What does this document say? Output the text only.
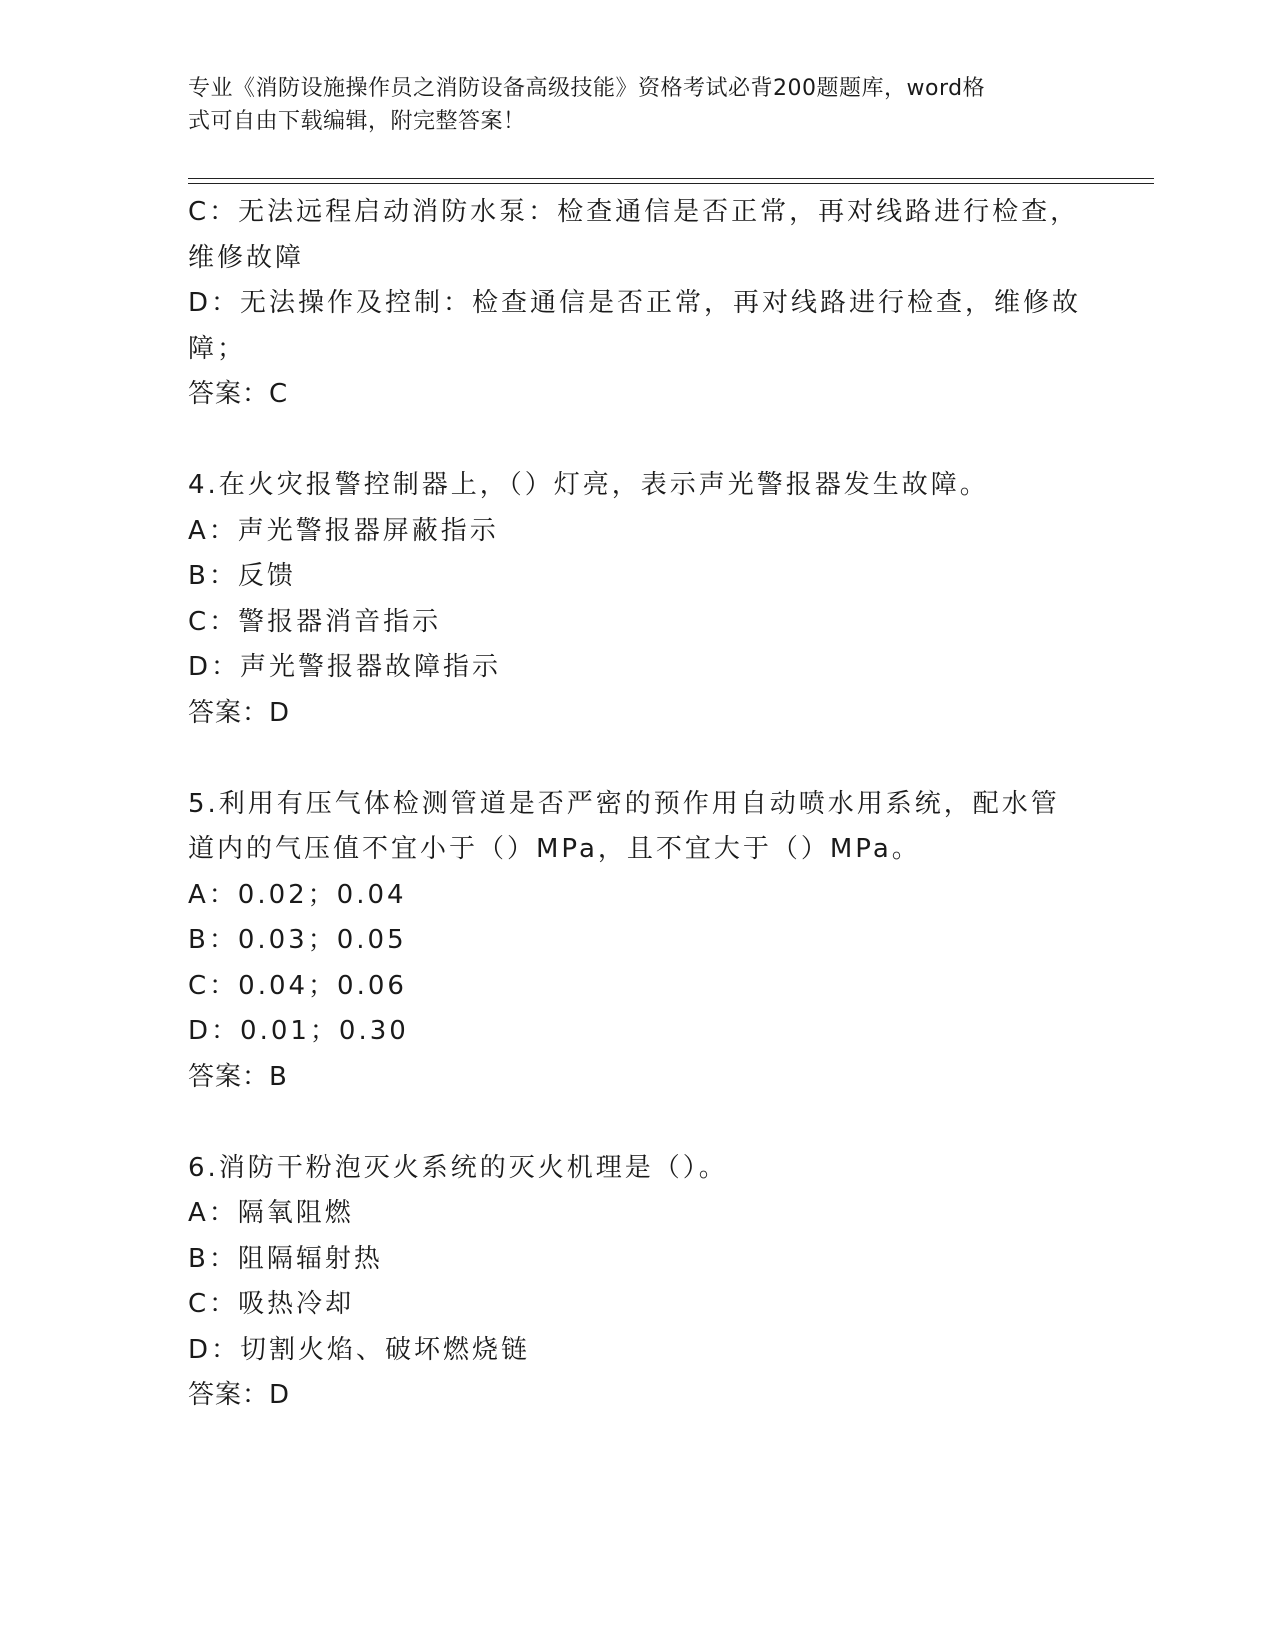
专业《消防设施操作员之消防设备高级技能》资格考试必背200题题库，word格
式可自由下载编辑，附完整答案！
C：无法远程启动消防水泵：检查通信是否正常，再对线路进行检查，
维修故障
D：无法操作及控制：检查通信是否正常，再对线路进行检查，维修故
障；
答案：C
4.在火灾报警控制器上，（）灯亮，表示声光警报器发生故障。
A：声光警报器屏蔽指示
B：反馈
C：警报器消音指示
D：声光警报器故障指示
答案：D
5.利用有压气体检测管道是否严密的预作用自动喷水用系统，配水管
道内的气压值不宜小于（）MPa，且不宜大于（）MPa。
A：0.02；0.04
B：0.03；0.05
C：0.04；0.06
D：0.01；0.30
答案：B
6.消防干粉泡灭火系统的灭火机理是（）。
A：隔氧阻燃
B：阻隔辐射热
C：吸热冷却
D：切割火焰、破坏燃烧链
答案：D
